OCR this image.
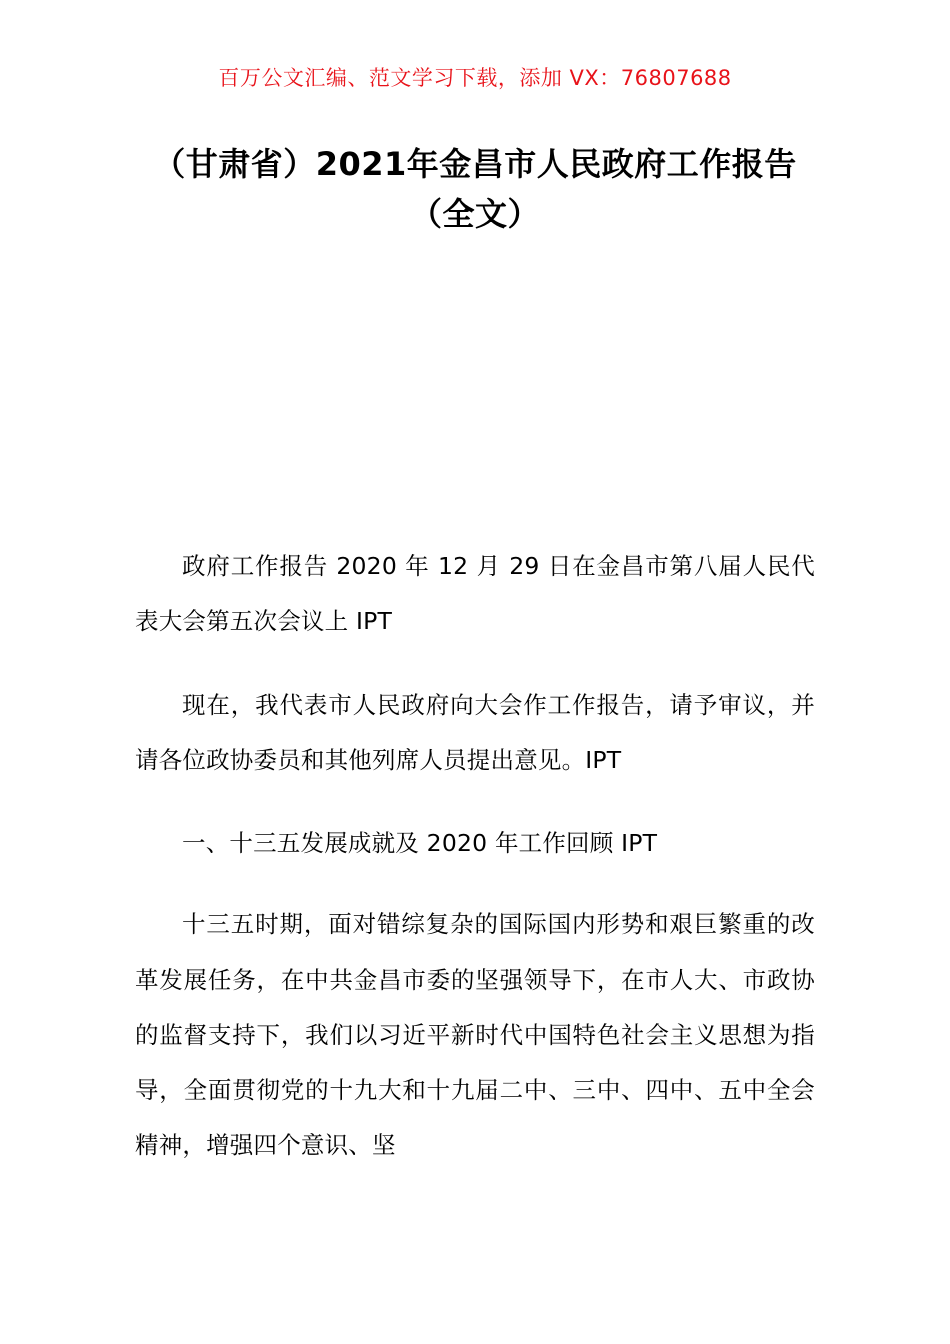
百万公文汇编、范文学习下载，添加 VX：76807688
（甘肃省）2021年金昌市人民政府工作报告（全文）

政府工作报告 2020 年 12 月 29 日在金昌市第八届人民代表大会第五次会议上 IPT

现在，我代表市人民政府向大会作工作报告，请予审议，并请各位政协委员和其他列席人员提出意见。IPT

一、十三五发展成就及 2020 年工作回顾 IPT

十三五时期，面对错综复杂的国际国内形势和艰巨繁重的改革发展任务，在中共金昌市委的坚强领导下，在市人大、市政协的监督支持下，我们以习近平新时代中国特色社会主义思想为指导，全面贯彻党的十九大和十九届二中、三中、四中、五中全会精神，增强四个意识、坚
